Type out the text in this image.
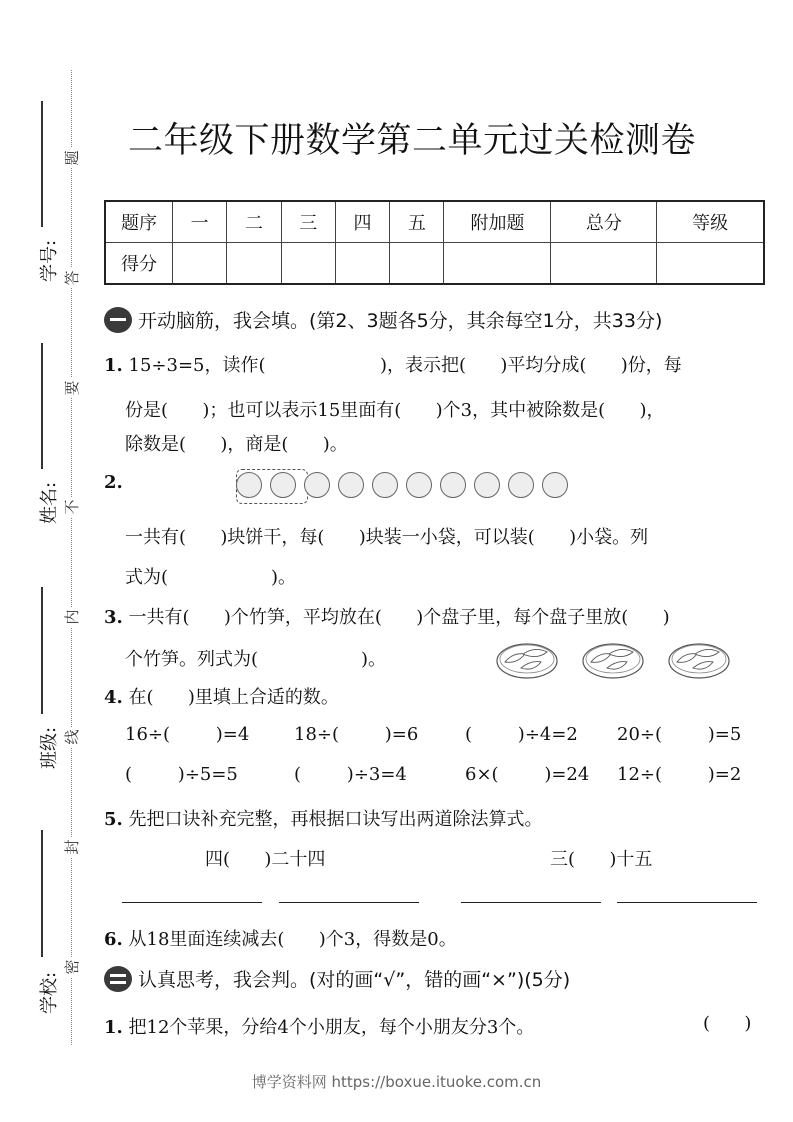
题
答
要
不
内
线
封
密
学号:
姓名:
班级:
学校:
二年级下册数学第二单元过关检测卷
题序	一	二	三	四	五	附加题	总分	等级
得分								
开动脑筋，我会填。(第2、3题各5分，其余每空1分，共33分)
1. 15÷3=5，读作(                    )，表示把(      )平均分成(      )份，每
份是(      )；也可以表示15里面有(      )个3，其中被除数是(      )，
除数是(      )，商是(      )。
2.
一共有(      )块饼干，每(      )块装一小袋，可以装(      )小袋。列
式为(                  )。
3. 一共有(      )个竹笋，平均放在(      )个盘子里，每个盘子里放(      )
个竹笋。列式为(                  )。
4. 在(      )里填上合适的数。
16÷(        )=4 18÷(        )=6	(        )÷4=2 20÷(        )=5
(        )÷5=5	(        )÷3=4	6×(        )=24 12÷(        )=2
5. 先把口诀补充完整，再根据口诀写出两道除法算式。
四(      )二十四	三(      )十五
6. 从18里面连续减去(      )个3，得数是0。
认真思考，我会判。(对的画“√”，错的画“×”)(5分)
1. 把12个苹果，分给4个小朋友，每个小朋友分3个。	(      )
博学资料网 https://boxue.ituoke.com.cn
